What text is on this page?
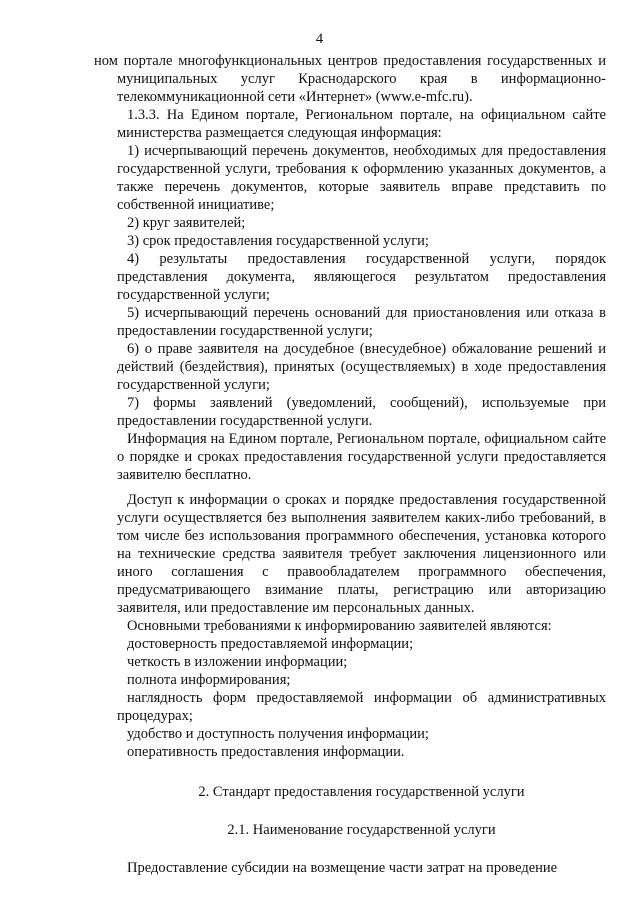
4

ном портале многофункциональных центров предоставления государственных и муниципальных услуг Краснодарского края в информационно-телекоммуникационной сети «Интернет» (www.e-mfc.ru).

1.3.3. На Едином портале, Региональном портале, на официальном сайте министерства размещается следующая информация:

1) исчерпывающий перечень документов, необходимых для предоставления государственной услуги, требования к оформлению указанных документов, а также перечень документов, которые заявитель вправе представить по собственной инициативе;

2) круг заявителей;

3) срок предоставления государственной услуги;

4) результаты предоставления государственной услуги, порядок представления документа, являющегося результатом предоставления государственной услуги;

5) исчерпывающий перечень оснований для приостановления или отказа в предоставлении государственной услуги;

6) о праве заявителя на досудебное (внесудебное) обжалование решений и действий (бездействия), принятых (осуществляемых) в ходе предоставления государственной услуги;

7) формы заявлений (уведомлений, сообщений), используемые при предоставлении государственной услуги.

Информация на Едином портале, Региональном портале, официальном сайте о порядке и сроках предоставления государственной услуги предоставляется заявителю бесплатно.

Доступ к информации о сроках и порядке предоставления государственной услуги осуществляется без выполнения заявителем каких-либо требований, в том числе без использования программного обеспечения, установка которого на технические средства заявителя требует заключения лицензионного или иного соглашения с правообладателем программного обеспечения, предусматривающего взимание платы, регистрацию или авторизацию заявителя, или предоставление им персональных данных.

Основными требованиями к информированию заявителей являются:

достоверность предоставляемой информации;

четкость в изложении информации;

полнота информирования;

наглядность форм предоставляемой информации об административных процедурах;

удобство и доступность получения информации;

оперативность предоставления информации.

2. Стандарт предоставления государственной услуги

2.1. Наименование государственной услуги

Предоставление субсидии на возмещение части затрат на проведение
